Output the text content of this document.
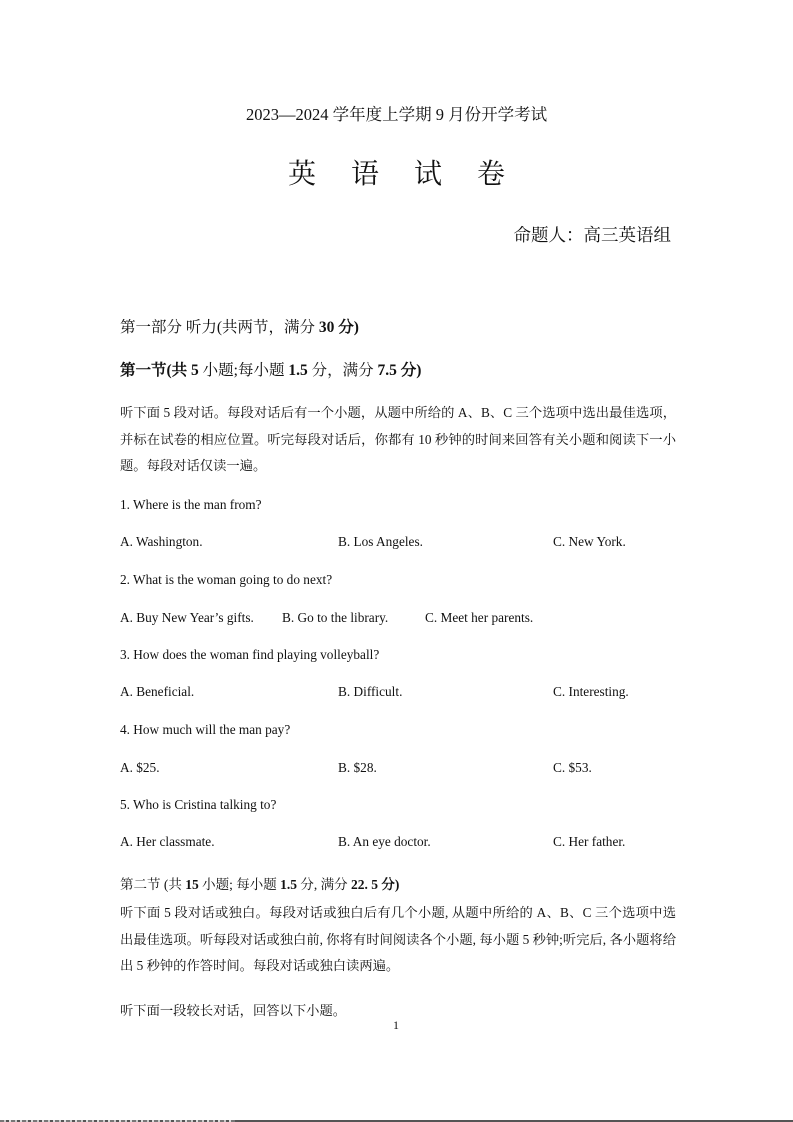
2023—2024 学年度上学期 9 月份开学考试
英 语 试 卷
命题人：高三英语组
第一部分 听力(共两节，满分 30 分)
第一节(共 5 小题;每小题 1.5 分，满分 7.5 分)
听下面 5 段对话。每段对话后有一个小题，从题中所给的 A、B、C 三个选项中选出最佳选项，并标在试卷的相应位置。听完每段对话后，你都有 10 秒钟的时间来回答有关小题和阅读下一小题。每段对话仅读一遍。
1. Where is the man from?
A. Washington.	B. Los Angeles.	C. New York.
2. What is the woman going to do next?
A. Buy New Year’s gifts. B. Go to the library.	C. Meet her parents.
3. How does the woman find playing volleyball?
A. Beneficial.	B. Difficult.	C. Interesting.
4. How much will the man pay?
A. $25.	B. $28.	C. $53.
5. Who is Cristina talking to?
A. Her classmate.	B. An eye doctor.	C. Her father.
第二节 (共 15 小题; 每小题 1.5 分, 满分 22. 5 分)
听下面 5 段对话或独白。每段对话或独白后有几个小题, 从题中所给的 A、B、C 三个选项中选出最佳选项。听每段对话或独白前, 你将有时间阅读各个小题, 每小题 5 秒钟;听完后, 各小题将给出 5 秒钟的作答时间。每段对话或独白读两遍。
听下面一段较长对话，回答以下小题。
1
